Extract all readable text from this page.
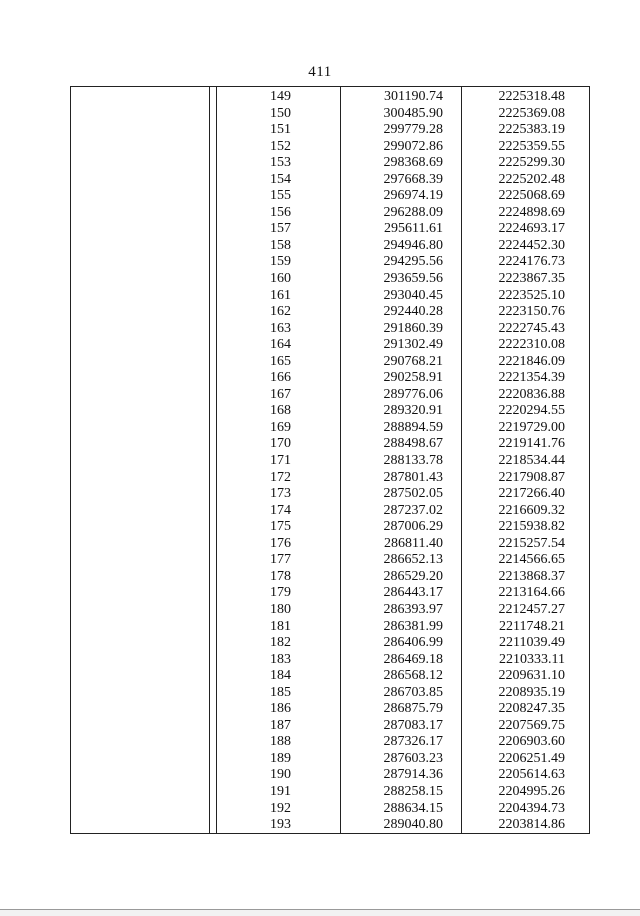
411
149	301190.74	2225318.48
150	300485.90	2225369.08
151	299779.28	2225383.19
152	299072.86	2225359.55
153	298368.69	2225299.30
154	297668.39	2225202.48
155	296974.19	2225068.69
156	296288.09	2224898.69
157	295611.61	2224693.17
158	294946.80	2224452.30
159	294295.56	2224176.73
160	293659.56	2223867.35
161	293040.45	2223525.10
162	292440.28	2223150.76
163	291860.39	2222745.43
164	291302.49	2222310.08
165	290768.21	2221846.09
166	290258.91	2221354.39
167	289776.06	2220836.88
168	289320.91	2220294.55
169	288894.59	2219729.00
170	288498.67	2219141.76
171	288133.78	2218534.44
172	287801.43	2217908.87
173	287502.05	2217266.40
174	287237.02	2216609.32
175	287006.29	2215938.82
176	286811.40	2215257.54
177	286652.13	2214566.65
178	286529.20	2213868.37
179	286443.17	2213164.66
180	286393.97	2212457.27
181	286381.99	2211748.21
182	286406.99	2211039.49
183	286469.18	2210333.11
184	286568.12	2209631.10
185	286703.85	2208935.19
186	286875.79	2208247.35
187	287083.17	2207569.75
188	287326.17	2206903.60
189	287603.23	2206251.49
190	287914.36	2205614.63
191	288258.15	2204995.26
192	288634.15	2204394.73
193	289040.80	2203814.86
